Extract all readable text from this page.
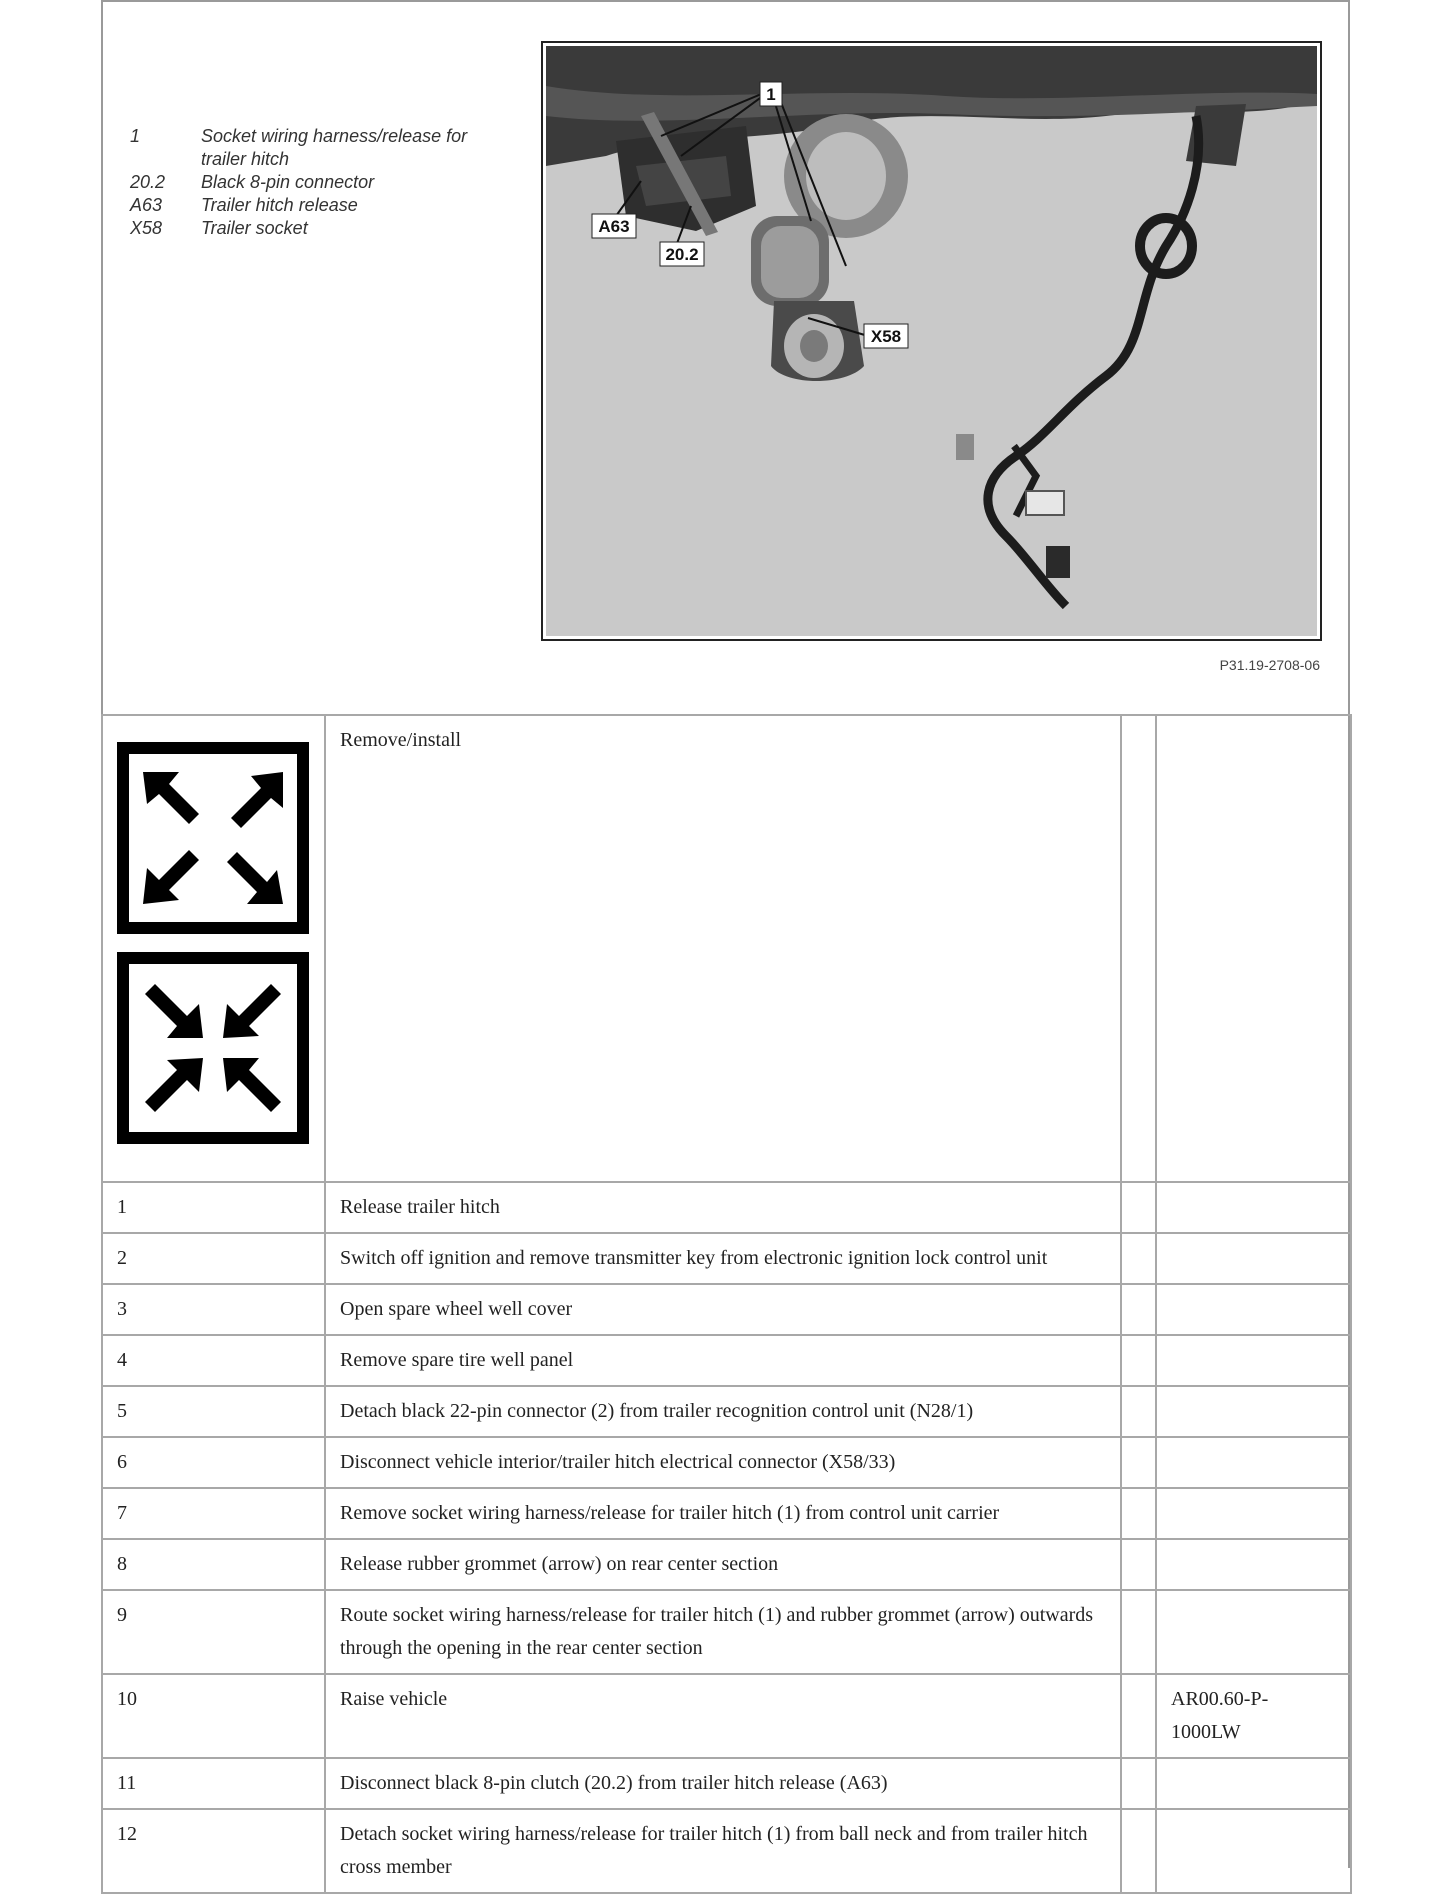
1	Socket wiring harness/release for trailer hitch
20.2	Black 8-pin connector
A63	Trailer hitch release
X58	Trailer socket
1
A63
20.2
X58
P31.19-2708-06
	Remove/install		
1	Release trailer hitch		
2	Switch off ignition and remove transmitter key from electronic ignition lock control unit		
3	Open spare wheel well cover		
4	Remove spare tire well panel		
5	Detach black 22-pin connector (2) from trailer recognition control unit (N28/1)		
6	Disconnect vehicle interior/trailer hitch electrical connector (X58/33)		
7	Remove socket wiring harness/release for trailer hitch (1) from control unit carrier		
8	Release rubber grommet (arrow) on rear center section		
9	Route socket wiring harness/release for trailer hitch (1) and rubber grommet (arrow) outwards through the opening in the rear center section		
10	Raise vehicle		AR00.60-P-1000LW
11	Disconnect black 8-pin clutch (20.2) from trailer hitch release (A63)		
12	Detach socket wiring harness/release for trailer hitch (1) from ball neck and from trailer hitch cross member		
